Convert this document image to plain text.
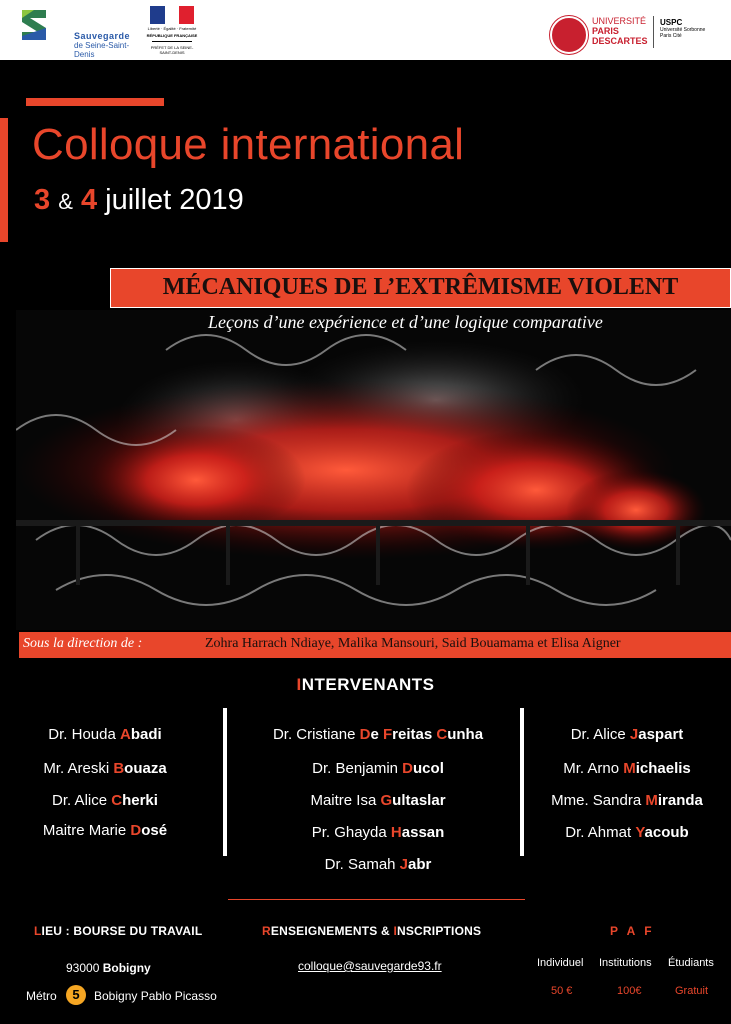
Sauvegarde
de Seine-Saint-Denis
Liberté · Égalité · Fraternité
RÉPUBLIQUE FRANÇAISE
PRÉFET DE LA SEINE-SAINT-DENIS
UNIVERSITÉ
PARIS
DESCARTES
USPC
Université Sorbonne
Paris Cité
Colloque international
3 & 4 juillet 2019
MÉCANIQUES DE L’EXTRÊMISME VIOLENT
Leçons d’une expérience et d’une logique comparative
Sous la direction de :	Zohra Harrach Ndiaye, Malika Mansouri, Said Bouamama et Elisa Aigner
INTERVENANTS
Dr. Houda Abadi
Mr. Areski Bouaza
Dr. Alice Cherki
Maitre Marie Dosé
Dr. Cristiane De Freitas Cunha
Dr. Benjamin Ducol
Maitre Isa Gultaslar
Pr. Ghayda Hassan
Dr. Samah Jabr
Dr. Alice Jaspart
Mr. Arno Michaelis
Mme. Sandra Miranda
Dr. Ahmat Yacoub
LIEU : BOURSE DU TRAVAIL
93000 Bobigny
Métro	5	Bobigny Pablo Picasso
RENSEIGNEMENTS & INSCRIPTIONS
colloque@sauvegarde93.fr
P A F
Individuel Institutions Étudiants
50 €	100€	Gratuit
